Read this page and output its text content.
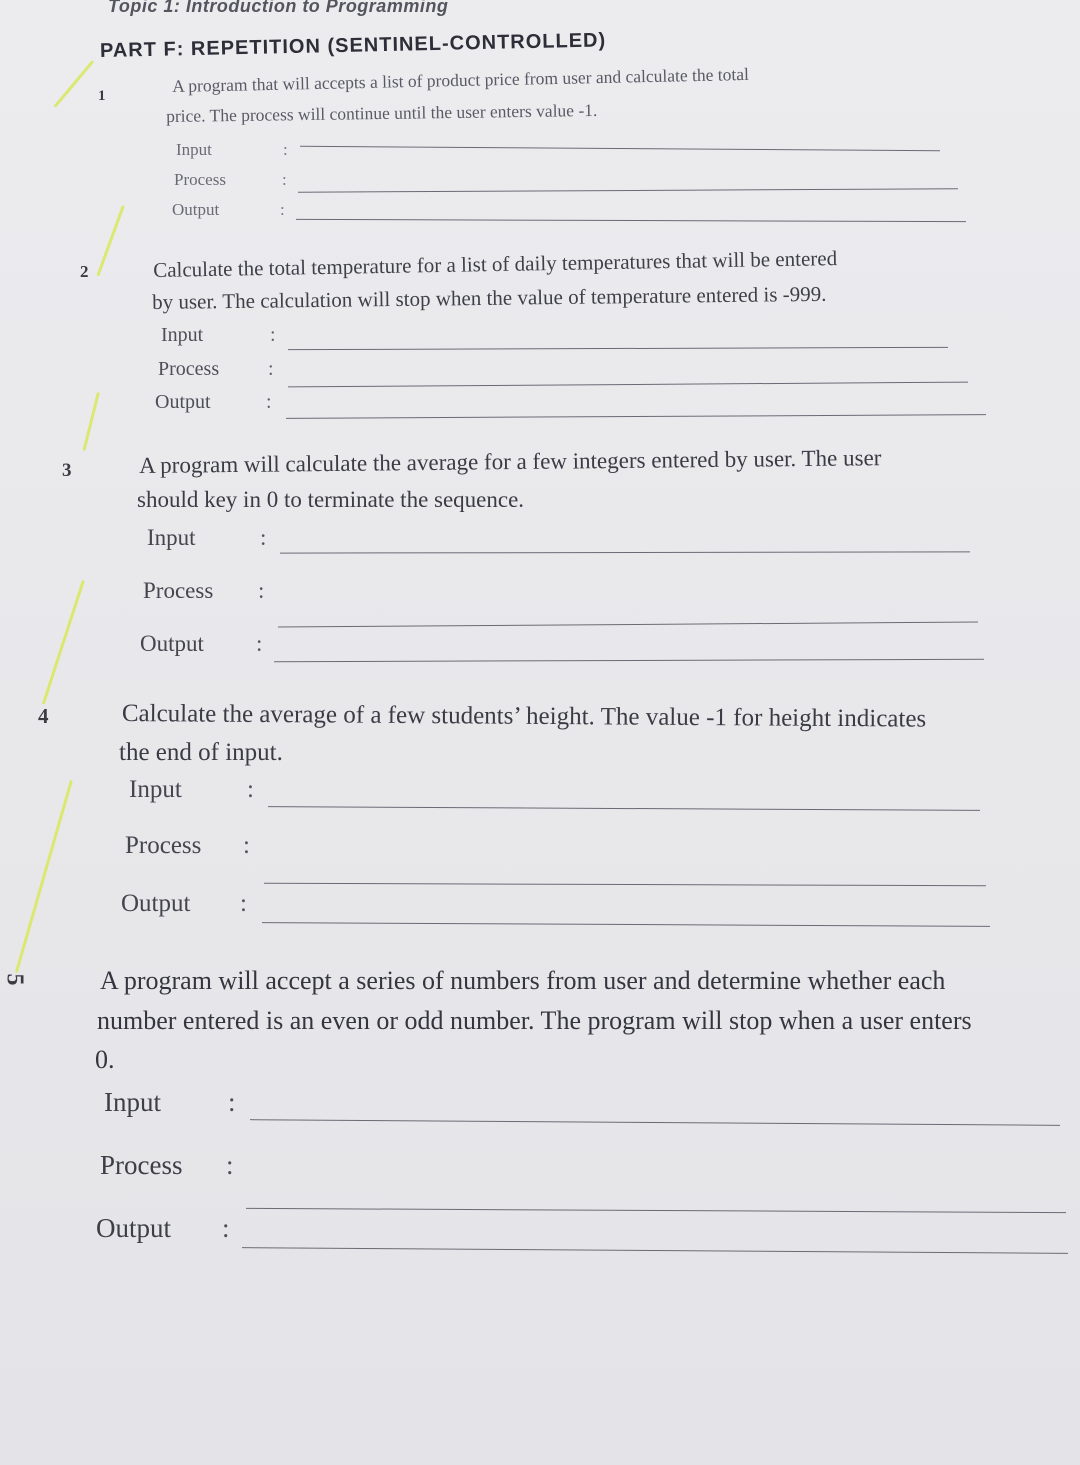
Topic 1: Introduction to Programming
PART F: REPETITION (SENTINEL-CONTROLLED)
1
A program that will accepts a list of product price from user and calculate the total
price. The process will continue until the user enters value -1.
Input	:
Process	:
Output	:
2	Calculate the total temperature for a list of daily temperatures that will be entered
by user. The calculation will stop when the value of temperature entered is -999.
Input	:
Process :
Output	:
3	A program will calculate the average for a few integers entered by user. The user
should key in 0 to terminate the sequence.
Input	:
Process :
Output :
4	Calculate the average of a few students’ height. The value -1 for height indicates
the end of input.
Input	:
Process :
Output :
5	A program will accept a series of numbers from user and determine whether each
number entered is an even or odd number. The program will stop when a user enters
0.
Input :
Process :
Output :
